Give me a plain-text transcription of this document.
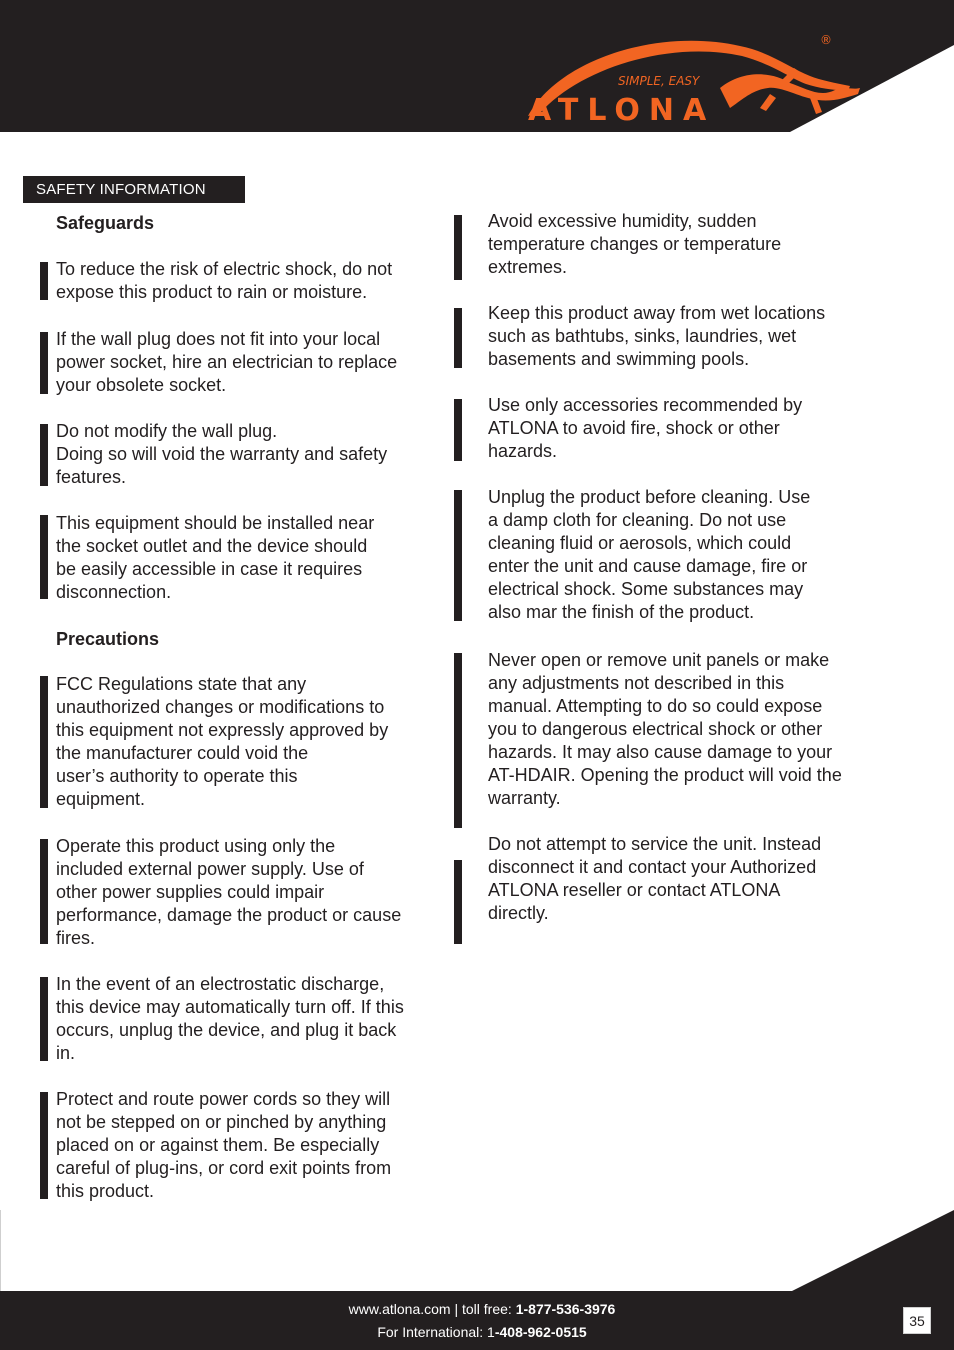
SIMPLE, EASY
ATLONA
®
SAFETY INFORMATION
Safeguards
To reduce the risk of electric shock, do not
expose this product to rain or moisture.
If the wall plug does not fit into your local
power socket, hire an electrician to replace
your obsolete socket.
Do not modify the wall plug.
Doing so will void the warranty and safety
features.
This equipment should be installed near
the socket outlet and the device should
be easily accessible in case it requires
disconnection.
Precautions
FCC Regulations state that any
unauthorized changes or modifications to
this equipment not expressly approved by
the manufacturer could void the
user’s authority to operate this
equipment.
Operate this product using only the
included external power supply. Use of
other power supplies could impair
performance, damage the product or cause
fires.
In the event of an electrostatic discharge,
this device may automatically turn off. If this
occurs, unplug the device, and plug it back
in.
Protect and route power cords so they will
not be stepped on or pinched by anything
placed on or against them. Be especially
careful of plug-ins, or cord exit points from
this product.
Avoid excessive humidity, sudden
temperature changes or temperature
extremes.
Keep this product away from wet locations
such as bathtubs, sinks, laundries, wet
basements and swimming pools.
Use only accessories recommended by
ATLONA to avoid fire, shock or other
hazards.
Unplug the product before cleaning. Use
a damp cloth for cleaning. Do not use
cleaning fluid or aerosols, which could
enter the unit and cause damage, fire or
electrical shock. Some substances may
also mar the finish of the product.
Never open or remove unit panels or make
any adjustments not described in this
manual. Attempting to do so could expose
you to dangerous electrical shock or other
hazards. It may also cause damage to your
AT-HDAIR. Opening the product will void the
warranty.
Do not attempt to service the unit. Instead
disconnect it and contact your Authorized
ATLONA reseller or contact ATLONA
directly.
www.atlona.com | toll free: 1-877-536-3976
For International: 1-408-962-0515
35
